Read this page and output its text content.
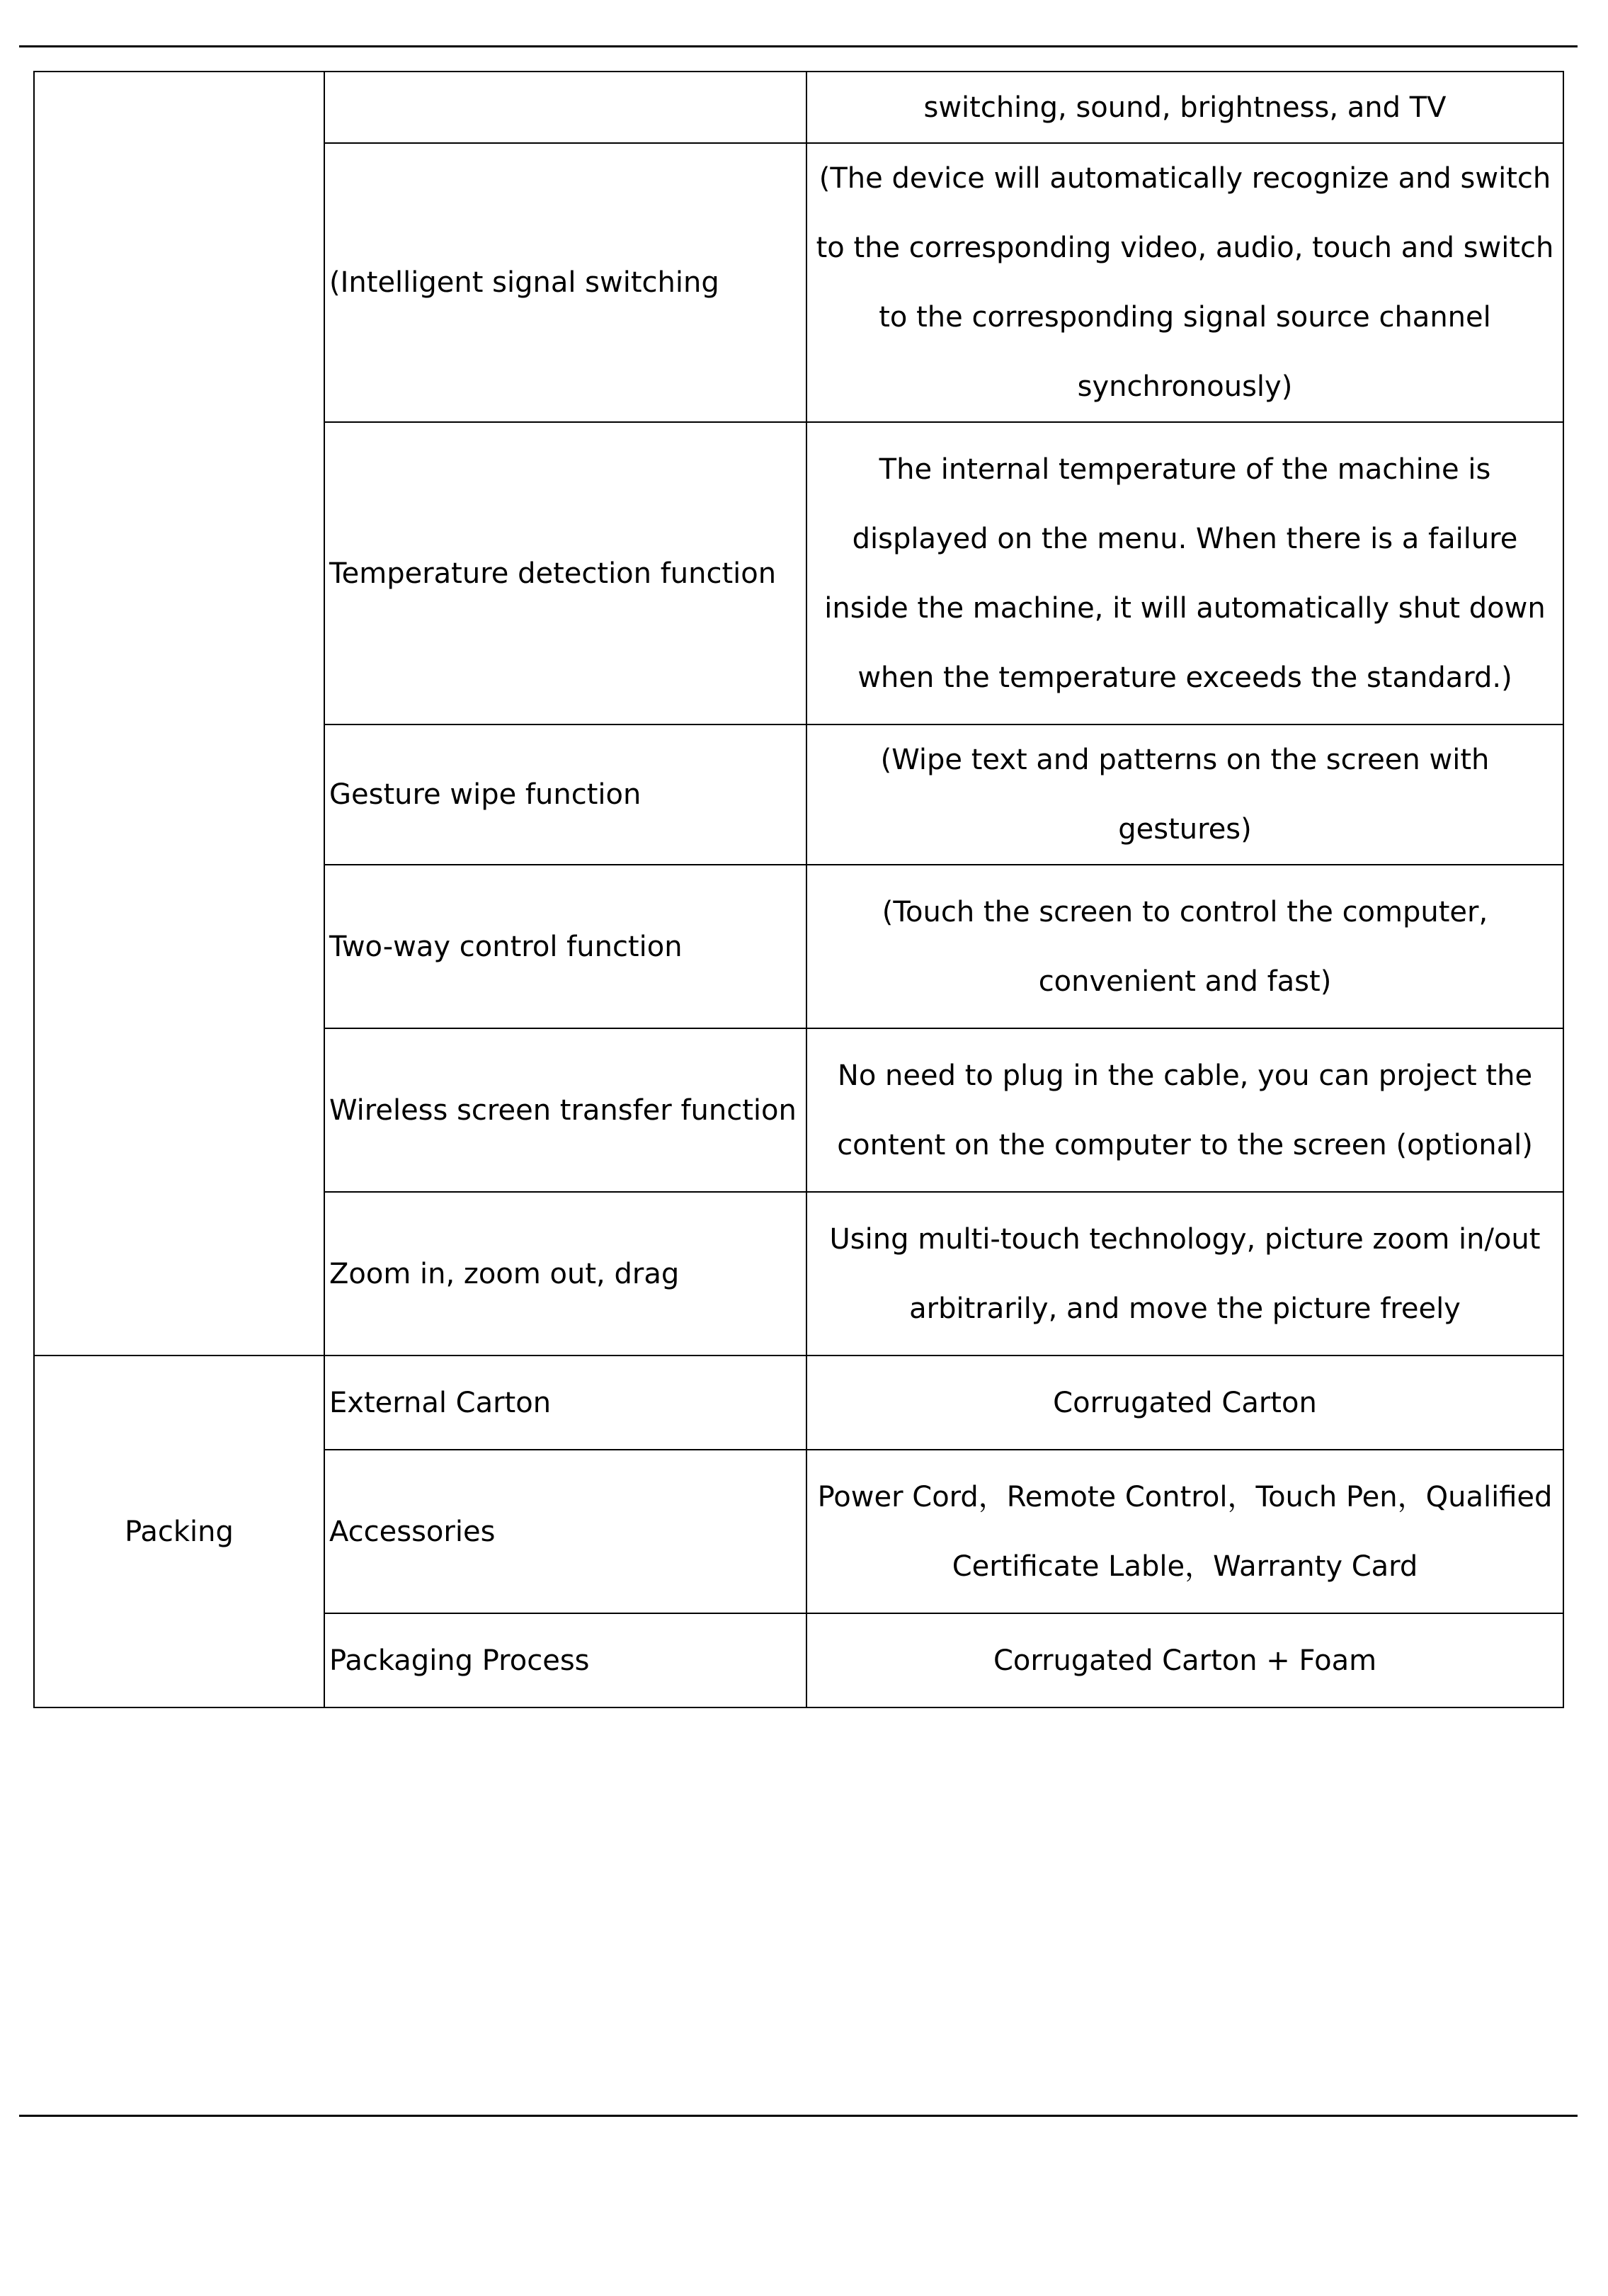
		switching, sound, brightness, and TV
	(Intelligent signal switching	(The device will automatically recognize and switch to the corresponding video, audio, touch and switch to the corresponding signal source channel synchronously)
	Temperature detection function	The internal temperature of the machine is displayed on the menu. When there is a failure inside the machine, it will automatically shut down when the temperature exceeds the standard.)
	Gesture wipe function	(Wipe text and patterns on the screen with gestures)
	Two-way control function	(Touch the screen to control the computer, convenient and fast)
	Wireless screen transfer function	No need to plug in the cable, you can project the content on the computer to the screen (optional)
	Zoom in, zoom out, drag	Using multi-touch technology, picture zoom in/out arbitrarily, and move the picture freely
Packing	External Carton	Corrugated Carton
	Accessories	Power Cord，Remote Control，Touch Pen，Qualified Certificate Lable，Warranty Card
	Packaging Process	Corrugated Carton + Foam
